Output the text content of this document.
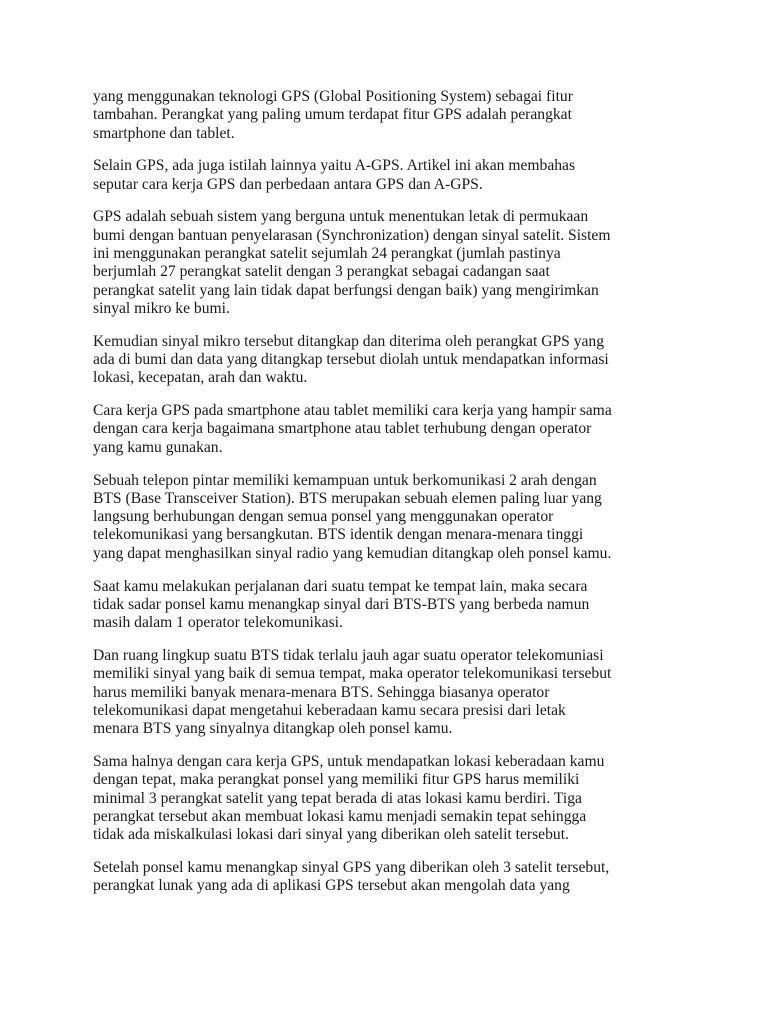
yang menggunakan teknologi GPS (Global Positioning System) sebagai fitur
tambahan. Perangkat yang paling umum terdapat fitur GPS adalah perangkat
smartphone dan tablet.

Selain GPS, ada juga istilah lainnya yaitu A-GPS. Artikel ini akan membahas
seputar cara kerja GPS dan perbedaan antara GPS dan A-GPS.

GPS adalah sebuah sistem yang berguna untuk menentukan letak di permukaan
bumi dengan bantuan penyelarasan (Synchronization) dengan sinyal satelit. Sistem
ini menggunakan perangkat satelit sejumlah 24 perangkat (jumlah pastinya
berjumlah 27 perangkat satelit dengan 3 perangkat sebagai cadangan saat
perangkat satelit yang lain tidak dapat berfungsi dengan baik) yang mengirimkan
sinyal mikro ke bumi.

Kemudian sinyal mikro tersebut ditangkap dan diterima oleh perangkat GPS yang
ada di bumi dan data yang ditangkap tersebut diolah untuk mendapatkan informasi
lokasi, kecepatan, arah dan waktu.

Cara kerja GPS pada smartphone atau tablet memiliki cara kerja yang hampir sama
dengan cara kerja bagaimana smartphone atau tablet terhubung dengan operator
yang kamu gunakan.

Sebuah telepon pintar memiliki kemampuan untuk berkomunikasi 2 arah dengan
BTS (Base Transceiver Station). BTS merupakan sebuah elemen paling luar yang
langsung berhubungan dengan semua ponsel yang menggunakan operator
telekomunikasi yang bersangkutan. BTS identik dengan menara-menara tinggi
yang dapat menghasilkan sinyal radio yang kemudian ditangkap oleh ponsel kamu.

Saat kamu melakukan perjalanan dari suatu tempat ke tempat lain, maka secara
tidak sadar ponsel kamu menangkap sinyal dari BTS-BTS yang berbeda namun
masih dalam 1 operator telekomunikasi.

Dan ruang lingkup suatu BTS tidak terlalu jauh agar suatu operator telekomuniasi
memiliki sinyal yang baik di semua tempat, maka operator telekomunikasi tersebut
harus memiliki banyak menara-menara BTS. Sehingga biasanya operator
telekomunikasi dapat mengetahui keberadaan kamu secara presisi dari letak
menara BTS yang sinyalnya ditangkap oleh ponsel kamu.

Sama halnya dengan cara kerja GPS, untuk mendapatkan lokasi keberadaan kamu
dengan tepat, maka perangkat ponsel yang memiliki fitur GPS harus memiliki
minimal 3 perangkat satelit yang tepat berada di atas lokasi kamu berdiri. Tiga
perangkat tersebut akan membuat lokasi kamu menjadi semakin tepat sehingga
tidak ada miskalkulasi lokasi dari sinyal yang diberikan oleh satelit tersebut.

Setelah ponsel kamu menangkap sinyal GPS yang diberikan oleh 3 satelit tersebut,
perangkat lunak yang ada di aplikasi GPS tersebut akan mengolah data yang
